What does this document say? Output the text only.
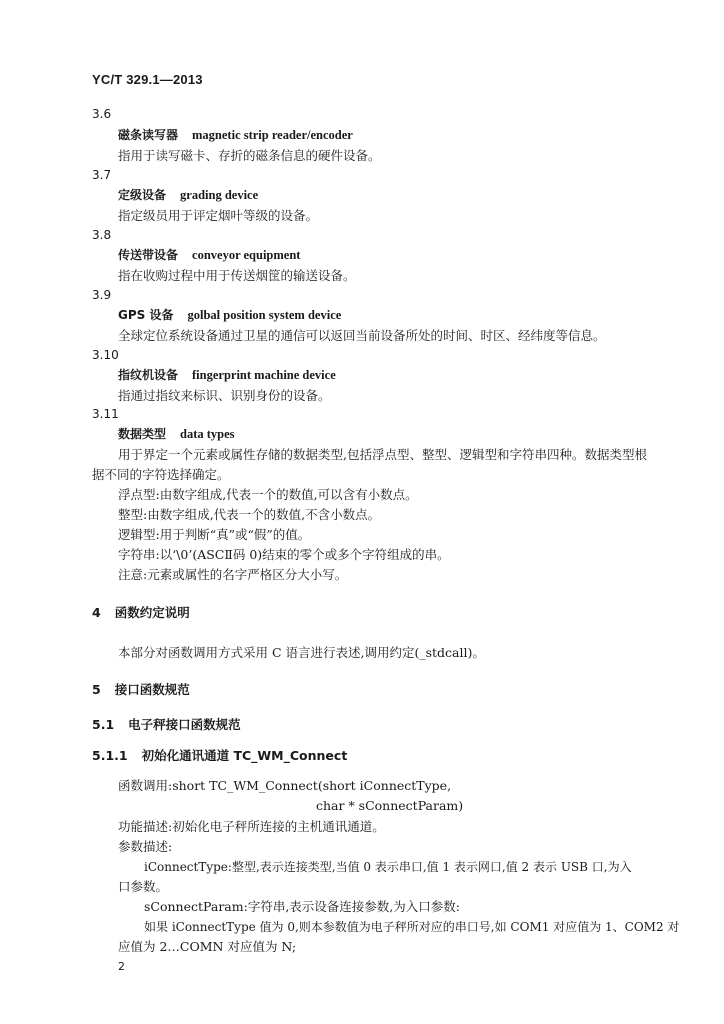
YC/T 329.1—2013
3.6
磁条读写器 magnetic strip reader/encoder
指用于读写磁卡、存折的磁条信息的硬件设备。
3.7
定级设备 grading device
指定级员用于评定烟叶等级的设备。
3.8
传送带设备 conveyor equipment
指在收购过程中用于传送烟筐的输送设备。
3.9
GPS 设备 golbal position system device
全球定位系统设备通过卫星的通信可以返回当前设备所处的时间、时区、经纬度等信息。
3.10
指纹机设备 fingerprint machine device
指通过指纹来标识、识别身份的设备。
3.11
数据类型 data types
用于界定一个元素或属性存储的数据类型,包括浮点型、整型、逻辑型和字符串四种。数据类型根
据不同的字符选择确定。
浮点型:由数字组成,代表一个的数值,可以含有小数点。
整型:由数字组成,代表一个的数值,不含小数点。
逻辑型:用于判断“真”或“假”的值。
字符串:以‘\0’(ASCⅡ码 0)结束的零个或多个字符组成的串。
注意:元素或属性的名字严格区分大小写。
4 函数约定说明
本部分对函数调用方式采用 C 语言进行表述,调用约定(_stdcall)。
5 接口函数规范
5.1 电子秤接口函数规范
5.1.1 初始化通讯通道 TC_WM_Connect
函数调用:short TC_WM_Connect(short iConnectType,
char * sConnectParam)
功能描述:初始化电子秤所连接的主机通讯通道。
参数描述:
iConnectType:整型,表示连接类型,当值 0 表示串口,值 1 表示网口,值 2 表示 USB 口,为入
口参数。
sConnectParam:字符串,表示设备连接参数,为入口参数:
如果 iConnectType 值为 0,则本参数值为电子秤所对应的串口号,如 COM1 对应值为 1、COM2 对
应值为 2…COMN 对应值为 N;
2
